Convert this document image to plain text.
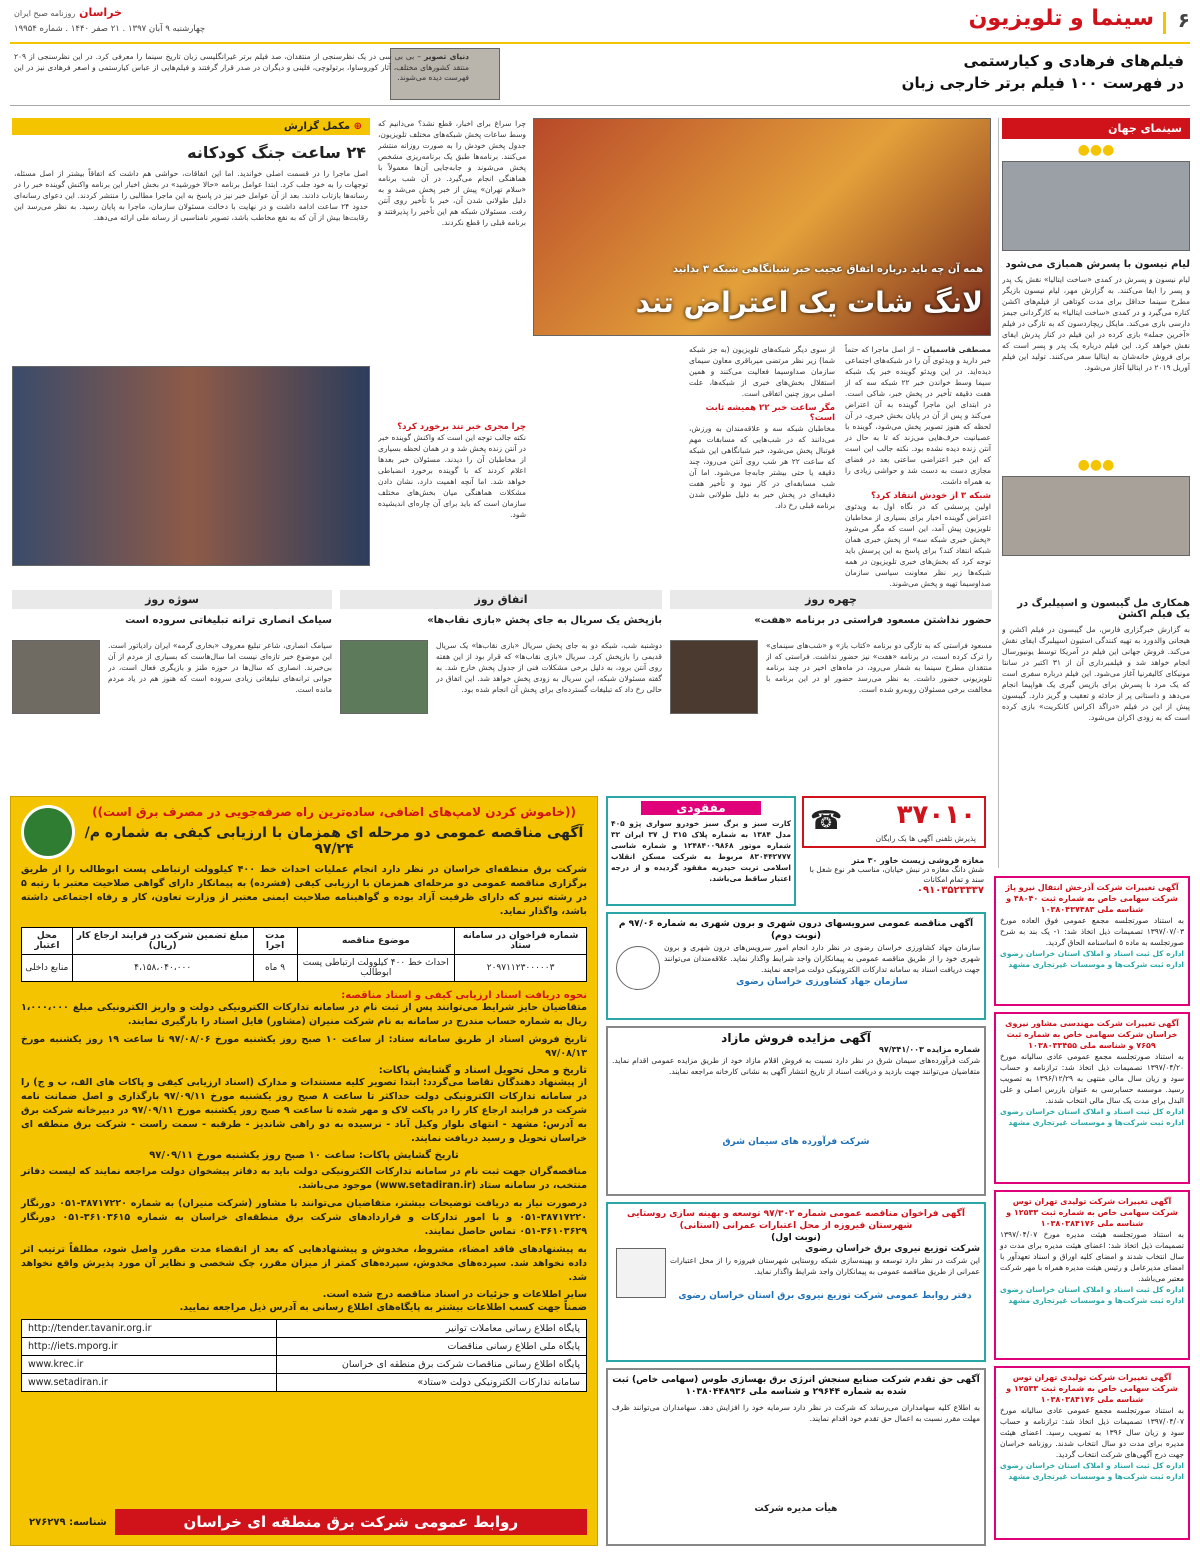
۶
سینما و تلویزیون
خراسان روزنامه صبح ایران
چهارشنبه ۹ آبان ۱۳۹۷ . ۲۱ صفر ۱۴۴۰ . شماره ۱۹۹۵۴
فیلم‌های فرهادی و کیارستمی
در فهرست ۱۰۰ فیلم برتر خارجی زبان
دنیای تصویر – بی بی سی در یک نظرسنجی از منتقدان، صد فیلم برتر غیرانگلیسی زبان تاریخ سینما را معرفی کرد. در این نظرسنجی از ۲۰۹ منتقد کشورهای مختلف، آثار کوروساوا، برتولوچی، فلینی و دیگران در صدر قرار گرفتند و فیلم‌هایی از عباس کیارستمی و اصغر فرهادی نیز در این فهرست دیده می‌شوند.
سینمای جهان
●●●
لیام نیسون با پسرش همبازی می‌شود
لیام نیسون و پسرش در کمدی «ساخت ایتالیا» نقش یک پدر و پسر را ایفا می‌کنند. به گزارش مهر، لیام نیسون بازیگر مطرح سینما حداقل برای مدت کوتاهی از فیلم‌های اکشن کناره می‌گیرد و در کمدی «ساخت ایتالیا» به کارگردانی جیمز دارسی بازی می‌کند. مایکل ریچاردسون که به تازگی در فیلم «آخرین جمله» بازی کرده در این فیلم در کنار پدرش ایفای نقش خواهد کرد. این فیلم درباره یک پدر و پسر است که برای فروش خانه‌شان به ایتالیا سفر می‌کنند. تولید این فیلم آوریل ۲۰۱۹ در ایتالیا آغاز می‌شود.
●●●
همکاری مل گیبسون و اسپیلبرگ در یک فیلم اکشن
به گزارش خبرگزاری فارس، مل گیبسون در فیلم اکشن و هیجانی والدورد به تهیه کنندگی استیون اسپیلبرگ ایفای نقش می‌کند. فروش جهانی این فیلم در آمریکا توسط یونیورسال انجام خواهد شد و فیلمبرداری آن از ۳۱ اکتبر در سانتا مونیکای کالیفرنیا آغاز می‌شود. این فیلم درباره سفری است که یک مرد با پسرش برای بازپس گیری یک هواپیما انجام می‌دهد و داستانی پر از حادثه و تعقیب و گریز دارد. گیبسون پیش از این در فیلم «دراگد اکراس کانکریت» بازی کرده است که به زودی اکران می‌شود.
همه آن چه باید درباره اتفاق عجیب خبر شبانگاهی شبکه ۳ بدانید
لانگ شات یک اعتراض تند
مصطفی قاسمیان – از اصل ماجرا که حتماً خبر دارید و ویدئوی آن را در شبکه‌های اجتماعی دیده‌اید. در این ویدئو گوینده خبر یک شبکه سیما وسط خواندن خبر ۲۲ شبکه سه که از هفت دقیقه تأخیر در پخش خبر، شاکی است. در ابتدای این ماجرا گوینده به آن اعتراض می‌کند و پس از آن در پایان بخش خبری، در آن لحظه که هنوز تصویر پخش می‌شود، گوینده با عصبانیت حرف‌هایی می‌زند که تا به حال در آنتن زنده دیده نشده بود. نکته جالب این است که این خبر اعتراضی ساعتی بعد در فضای مجازی دست به دست شد و حواشی زیادی را به همراه داشت.
شبکه ۳ از خودش انتقاد کرد؟
اولین پرسشی که در نگاه اول به ویدئوی اعتراض گوینده اخبار برای بسیاری از مخاطبان تلویزیون پیش آمد، این است که مگر می‌شود «پخش خبری شبکه سه» از پخش خبری همان شبکه انتقاد کند؟ برای پاسخ به این پرسش باید توجه کرد که بخش‌های خبری تلویزیون در همه شبکه‌ها زیر نظر معاونت سیاسی سازمان صداوسیما تهیه و پخش می‌شوند.
از سوی دیگر شبکه‌های تلویزیون (به جز شبکه شما) زیر نظر مرتضی میرباقری معاون سیمای سازمان صداوسیما فعالیت می‌کنند و همین استقلال بخش‌های خبری از شبکه‌ها، علت اصلی بروز چنین اتفاقی است.
مگر ساعت خبر ۲۲ همیشه ثابت است؟
مخاطبان شبکه سه و علاقه‌مندان به ورزش، می‌دانند که در شب‌هایی که مسابقات مهم فوتبال پخش می‌شود، خبر شبانگاهی این شبکه که ساعت ۲۲ هر شب روی آنتن می‌رود، چند دقیقه یا حتی بیشتر جابه‌جا می‌شود. اما آن شب مسابقه‌ای در کار نبود و تأخیر هفت دقیقه‌ای در پخش خبر به دلیل طولانی شدن برنامه قبلی رخ داد.
چرا سراغ برای اخبار، قطع نشد؟ می‌دانیم که وسط ساعات پخش شبکه‌های مختلف تلویزیون، جدول پخش خودش را به صورت روزانه منتشر می‌کنند. برنامه‌ها طبق یک برنامه‌ریزی مشخص پخش می‌شوند و جابه‌جایی آن‌ها معمولاً با هماهنگی انجام می‌گیرد. در آن شب برنامه «سلام تهران» پیش از خبر پخش می‌شد و به دلیل طولانی شدن آن، خبر با تأخیر روی آنتن رفت. مسئولان شبکه هم این تأخیر را پذیرفتند و برنامه قبلی را قطع نکردند.
چرا مجری خبر تند برخورد کرد؟
نکته جالب توجه این است که واکنش گوینده خبر در آنتن زنده پخش شد و در همان لحظه بسیاری از مخاطبان آن را دیدند. مسئولان خبر بعدها اعلام کردند که با گوینده برخورد انضباطی خواهد شد. اما آنچه اهمیت دارد، نشان دادن مشکلات هماهنگی میان بخش‌های مختلف سازمان است که باید برای آن چاره‌ای اندیشیده شود.
⊕ مکمل گزارش
۲۴ ساعت جنگ کودکانه
اصل ماجرا را در قسمت اصلی خواندید. اما این اتفاقات، حواشی هم داشت که اتفاقاً بیشتر از اصل مسئله، توجهات را به خود جلب کرد. ابتدا عوامل برنامه «حالا خورشید» در بخش اخبار این برنامه واکنش گوینده خبر را در رسانه‌ها بازتاب دادند. بعد از آن عوامل خبر نیز در پاسخ به این ماجرا مطالبی را منتشر کردند. این دعوای رسانه‌ای حدود ۲۴ ساعت ادامه داشت و در نهایت با دخالت مسئولان سازمان، ماجرا به پایان رسید. به نظر می‌رسد این رقابت‌ها بیش از آن که به نفع مخاطب باشد، تصویر نامناسبی از رسانه ملی ارائه می‌دهد.
چهره روز
حضور نداشتن مسعود فراستی در برنامه «هفت»
مسعود فراستی که به تازگی دو برنامه «کتاب باز» و «شب‌های سینمای» را ترک کرده است، در برنامه «هفت» نیز حضور نداشت. فراستی که از منتقدان مطرح سینما به شمار می‌رود، در ماه‌های اخیر در چند برنامه تلویزیونی حضور داشت. به نظر می‌رسد حضور او در این برنامه با مخالفت برخی مسئولان روبه‌رو شده است.
اتفاق روز
بازپخش یک سریال به جای پخش «بازی نقاب‌ها»
دوشنبه شب، شبکه دو به جای پخش سریال «بازی نقاب‌ها» یک سریال قدیمی را بازپخش کرد. سریال «بازی نقاب‌ها» که قرار بود از این هفته روی آنتن برود، به دلیل برخی مشکلات فنی از جدول پخش خارج شد. به گفته مسئولان شبکه، این سریال به زودی پخش خواهد شد. این اتفاق در حالی رخ داد که تبلیغات گسترده‌ای برای پخش آن انجام شده بود.
سوژه روز
سیامک انصاری ترانه تبلیغاتی سروده است
سیامک انصاری، شاعر تبلیغ معروف «بخاری گرمه» ایران رادیاتور است. این موضوع خبر تازه‌ای نیست اما سال‌هاست که بسیاری از مردم از آن بی‌خبرند. انصاری که سال‌ها در حوزه طنز و بازیگری فعال است، در جوانی ترانه‌های تبلیغاتی زیادی سروده است که هنوز هم در یاد مردم مانده است.
((خاموش کردن لامپ‌های اضافی، ساده‌ترین راه صرفه‌جویی در مصرف برق است))
آگهی مناقصه عمومی دو مرحله ای همزمان با ارزیابی کیفی به شماره م/ ۹۷/۲۴
شرکت برق منطقه‌ای خراسان در نظر دارد انجام عملیات احداث خط ۴۰۰ کیلوولت ارتباطی پست ابوطالب را از طریق برگزاری مناقصه عمومی دو مرحله‌ای همزمان با ارزیابی کیفی (فشرده) به پیمانکار دارای گواهی صلاحیت معتبر با رتبه ۵ در رشته نیرو که دارای ظرفیت آزاد بوده و گواهینامه صلاحیت ایمنی معتبر از وزارت تعاون، کار و رفاه اجتماعی داشته باشد، واگذار نماید.
شماره فراخوان در سامانه ستاد	موضوع مناقصه	مدت اجرا	مبلغ تضمین شرکت در فرایند ارجاع کار (ریال)	محل اعتبار
۲۰۹۷۱۱۲۳۰۰۰۰۰۳	احداث خط ۴۰۰ کیلوولت ارتباطی پست ابوطالب	۹ ماه	۴،۱۵۸،۰۴۰،۰۰۰	منابع داخلی
نحوه دریافت اسناد ارزیابی کیفی و اسناد مناقصه:
متقاضیان حایز شرایط می‌توانند پس از ثبت نام در سامانه تدارکات الکترونیکی دولت و واریز الکترونیکی مبلغ ۱،۰۰۰،۰۰۰ ریال به شماره حساب مندرج در سامانه به نام شرکت منیران (مشاور) فایل اسناد را بارگیری نمایند.
تاریخ فروش اسناد از طریق سامانه ستاد: از ساعت ۱۰ صبح روز یکشنبه مورخ ۹۷/۰۸/۰۶ تا ساعت ۱۹ روز یکشنبه مورخ ۹۷/۰۸/۱۳
تاریخ و محل تحویل اسناد و گشایش پاکات:
از پیشنهاد دهندگان تقاضا می‌گردد: ابتدا تصویر کلیه مستندات و مدارک (اسناد ارزیابی کیفی و پاکات های الف، ب و ج) را در سامانه تدارکات الکترونیکی دولت حداکثر تا ساعت ۸ صبح روز یکشنبه مورخ ۹۷/۰۹/۱۱ بارگذاری و اصل ضمانت نامه شرکت در فرایند ارجاع کار را در پاکت لاک و مهر شده تا ساعت ۹ صبح روز یکشنبه مورخ ۹۷/۰۹/۱۱ در دبیرخانه شرکت برق به آدرس: مشهد - انتهای بلوار وکیل آباد - نرسیده به دو راهی شاندیز - طرقبه - سمت راست - شرکت برق منطقه ای خراسان تحویل و رسید دریافت نمایند.
تاریخ گشایش پاکات: ساعت ۱۰ صبح روز یکشنبه مورخ ۹۷/۰۹/۱۱
مناقصه‌گران جهت ثبت نام در سامانه تدارکات الکترونیکی دولت باید به دفاتر پیشخوان دولت مراجعه نمایند که لیست دفاتر منتخب، در سامانه ستاد (www.setadiran.ir) موجود می‌باشد.
درصورت نیاز به دریافت توضیحات بیشتر، متقاضیان می‌توانند با مشاور (شرکت منیران) به شماره ۳۸۷۱۷۲۲۰-۰۵۱ دورنگار ۳۸۷۱۷۲۲۰-۰۵۱ و با امور تدارکات و قراردادهای شرکت برق منطقه‌ای خراسان به شماره ۳۶۱۰۳۶۱۵-۰۵۱ دورنگار ۳۶۱۰۳۶۲۹-۰۵۱ تماس حاصل نمایند.
به پیشنهادهای فاقد امضاء، مشروط، مخدوش و پیشنهادهایی که بعد از انقضاء مدت مقرر واصل شود، مطلقاً ترتیب اثر داده نخواهد شد. سپرده‌های مخدوش، سپرده‌های کمتر از میزان مقرر، چک شخصی و نظایر آن مورد پذیرش واقع نخواهد شد.
سایر اطلاعات و جزئیات در اسناد مناقصه درج شده است.
ضمناً جهت کسب اطلاعات بیشتر به پایگاه‌های اطلاع رسانی به آدرس ذیل مراجعه نمایید.
پایگاه اطلاع رسانی معاملات توانیر
http://tender.tavanir.org.ir
پایگاه ملی اطلاع رسانی مناقصات
http://iets.mporg.ir
پایگاه اطلاع رسانی مناقصات شرکت برق منطقه ای خراسان
www.krec.ir
سامانه تدارکات الکترونیکی دولت «ستاد»
www.setadiran.ir
روابط عمومی شرکت برق منطقه ای خراسان
شناسه: ۲۷۶۲۷۹
۳۷۰۱۰
پذیرش تلفنی آگهی ها یک رایگان
☎
مفقودی
کارت سبز و برگ سبز خودرو سواری پژو ۴۰۵ مدل ۱۳۸۴ به شماره پلاک ۳۱۵ ل ۳۷ ایران ۳۲ شماره موتور ۱۲۴۸۴۰۰۹۸۶۸ و شماره شاسی ۸۳۰۴۴۲۷۷۷ مربوط به شرکت مسکن انقلاب اسلامی تربت حیدریه مفقود گردیده و از درجه اعتبار ساقط می‌باشد.
مغازه فروشی زیست خاور ۳۰ متر
شش دانگ مغازه در نبش خیابان، مناسب هر نوع شغل با سند و تمام امکانات
۰۹۱۰۳۵۲۳۳۳۷
آگهی مناقصه عمومی سرویسهای درون شهری و برون شهری به شماره ۹۷/۰۶ م (نوبت دوم)
سازمان جهاد کشاورزی خراسان رضوی در نظر دارد انجام امور سرویس‌های درون شهری و برون شهری خود را از طریق مناقصه عمومی به پیمانکاران واجد شرایط واگذار نماید. علاقه‌مندان می‌توانند جهت دریافت اسناد به سامانه تدارکات الکترونیکی دولت مراجعه نمایند.
سازمان جهاد کشاورزی خراسان رضوی
آگهی مزایده فروش مازاد
شماره مزایده ۹۷/۳۴۱/۰۰۳
شرکت فرآورده‌های سیمان شرق در نظر دارد نسبت به فروش اقلام مازاد خود از طریق مزایده عمومی اقدام نماید. متقاضیان می‌توانند جهت بازدید و دریافت اسناد از تاریخ انتشار آگهی به نشانی کارخانه مراجعه نمایند.
شرکت فرآورده های سیمان شرق
آگهی فراخوان مناقصه عمومی شماره ۹۷/۳۰۲ توسعه و بهینه سازی روستایی شهرستان فیروزه از محل اعتبارات عمرانی (استانی)
(نوبت اول)
شرکت توزیع نیروی برق خراسان رضوی
این شرکت در نظر دارد توسعه و بهینه‌سازی شبکه روستایی شهرستان فیروزه را از محل اعتبارات عمرانی از طریق مناقصه عمومی به پیمانکاران واجد شرایط واگذار نماید.
دفتر روابط عمومی شرکت توزیع نیروی برق استان خراسان رضوی
آگهی حق تقدم شرکت صنایع سنجش انرژی برق بهسازی طوس (سهامی خاص) ثبت شده به شماره ۲۹۶۴۴ و شناسه ملی ۱۰۳۸۰۴۴۸۹۳۶
به اطلاع کلیه سهامداران می‌رساند که شرکت در نظر دارد سرمایه خود را افزایش دهد. سهامداران می‌توانند ظرف مهلت مقرر نسبت به اعمال حق تقدم خود اقدام نمایند.
هیأت مدیره شرکت
آگهی تغییرات شرکت آذرخش انتقال نیرو پاژ شرکت سهامی خاص به شماره ثبت ۴۸۰۴۰ و شناسه ملی ۱۰۳۸۰۴۳۷۴۸۳
به استناد صورتجلسه مجمع عمومی فوق العاده مورخ ۱۳۹۷/۰۷/۰۳ تصمیمات ذیل اتخاذ شد: ۱- یک بند به شرح صورتجلسه به ماده ۵ اساسنامه الحاق گردید.
اداره کل ثبت اسناد و املاک استان خراسان رضوی اداره ثبت شرکت‌ها و موسسات غیرتجاری مشهد
آگهی تغییرات شرکت مهندسی مشاور نیروی خراسان شرکت سهامی خاص به شماره ثبت ۷۶۵۹ و شناسه ملی ۱۰۳۸۰۳۳۴۵۵
به استناد صورتجلسه مجمع عمومی عادی سالیانه مورخ ۱۳۹۷/۰۴/۲۰ تصمیمات ذیل اتخاذ شد: ترازنامه و حساب سود و زیان سال مالی منتهی به ۱۳۹۶/۱۲/۲۹ به تصویب رسید. موسسه حسابرسی به عنوان بازرس اصلی و علی البدل برای مدت یک سال مالی انتخاب شدند.
اداره کل ثبت اسناد و املاک استان خراسان رضوی اداره ثبت شرکت‌ها و موسسات غیرتجاری مشهد
آگهی تغییرات شرکت تولیدی تهران توس شرکت سهامی خاص به شماره ثبت ۱۲۵۳۳ و شناسه ملی ۱۰۳۸۰۳۸۴۱۷۶
به استناد صورتجلسه هیئت مدیره مورخ ۱۳۹۷/۰۴/۰۷ تصمیمات ذیل اتخاذ شد: اعضای هیئت مدیره برای مدت دو سال انتخاب شدند و امضای کلیه اوراق و اسناد تعهدآور با امضای مدیرعامل و رئیس هیئت مدیره همراه با مهر شرکت معتبر می‌باشد.
اداره کل ثبت اسناد و املاک استان خراسان رضوی اداره ثبت شرکت‌ها و موسسات غیرتجاری مشهد
آگهی تغییرات شرکت تولیدی تهران توس شرکت سهامی خاص به شماره ثبت ۱۲۵۳۳ و شناسه ملی ۱۰۳۸۰۳۸۴۱۷۶
به استناد صورتجلسه مجمع عمومی عادی سالیانه مورخ ۱۳۹۷/۰۴/۰۷ تصمیمات ذیل اتخاذ شد: ترازنامه و حساب سود و زیان سال ۱۳۹۶ به تصویب رسید. اعضای هیئت مدیره برای مدت دو سال انتخاب شدند. روزنامه خراسان جهت درج آگهی‌های شرکت انتخاب گردید.
اداره کل ثبت اسناد و املاک استان خراسان رضوی اداره ثبت شرکت‌ها و موسسات غیرتجاری مشهد
